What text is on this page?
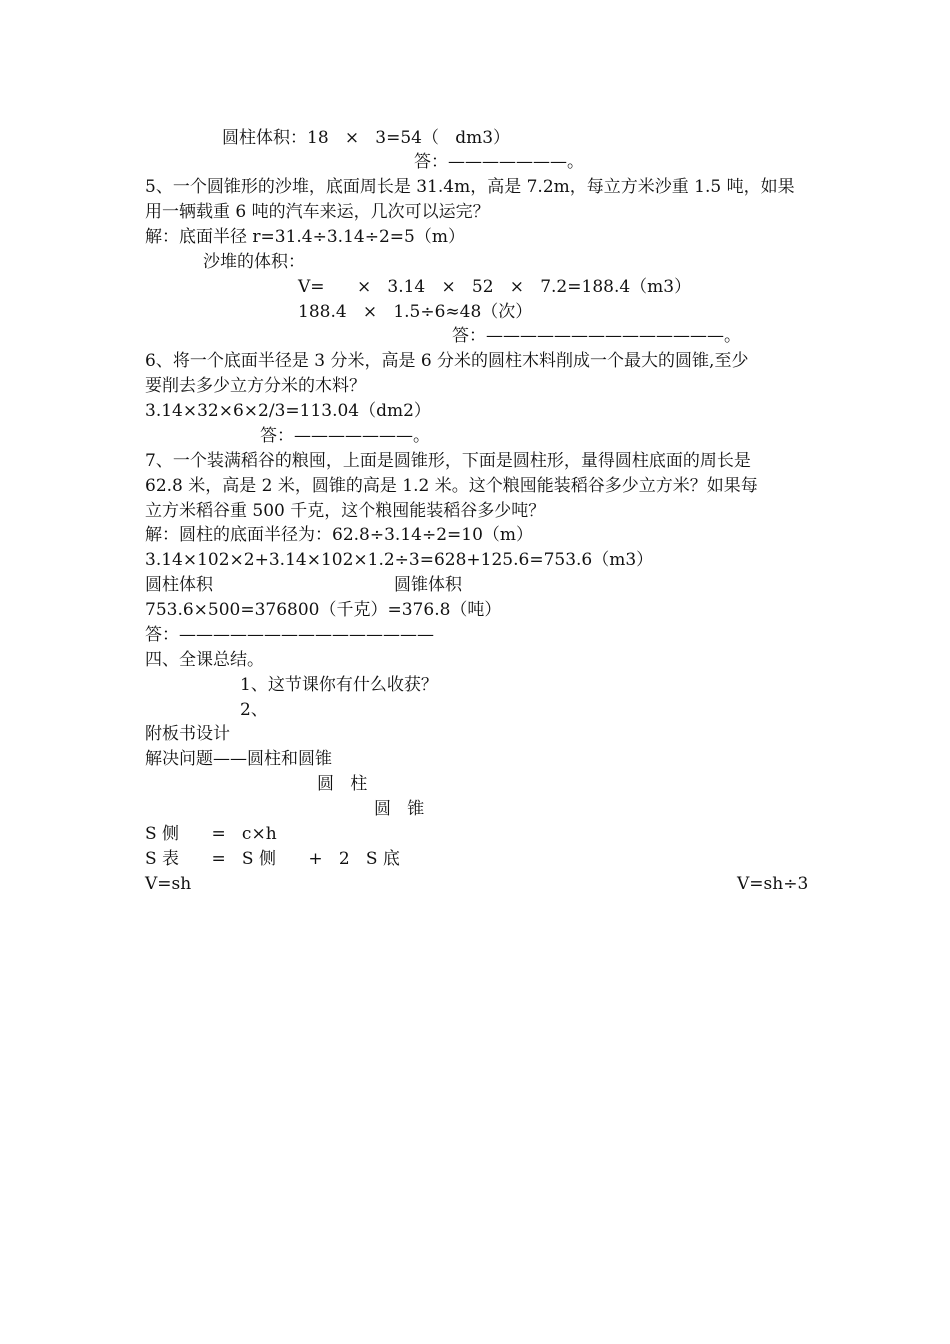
圆柱体积：18   ×   3=54（   dm3）
答：———————。
5、一个圆锥形的沙堆，底面周长是 31.4m，高是 7.2m，每立方米沙重 1.5 吨，如果
用一辆载重 6 吨的汽车来运，几次可以运完？
解：底面半径 r=31.4÷3.14÷2=5（m）
沙堆的体积：
V=      ×   3.14   ×   52   ×   7.2=188.4（m3）
188.4   ×   1.5÷6≈48（次）
答：——————————————。
6、将一个底面半径是 3 分米，高是 6 分米的圆柱木料削成一个最大的圆锥,至少
要削去多少立方分米的木料？
3.14×32×6×2/3=113.04（dm2）
答：———————。
7、一个装满稻谷的粮囤，上面是圆锥形，下面是圆柱形，量得圆柱底面的周长是
62.8 米，高是 2 米，圆锥的高是 1.2 米。这个粮囤能装稻谷多少立方米？如果每
立方米稻谷重 500 千克，这个粮囤能装稻谷多少吨？
解：圆柱的底面半径为：62.8÷3.14÷2=10（m）
3.14×102×2+3.14×102×1.2÷3=628+125.6=753.6（m3）
圆柱体积	圆锥体积
753.6×500=376800（千克）=376.8（吨）
答：———————————————
四、全课总结。
1、这节课你有什么收获？
2、
附板书设计
解决问题——圆柱和圆锥
圆   柱
圆   锥
S 侧      =   c×h
S 表      =   S 侧      +   2   S 底
V=sh	V=sh÷3
